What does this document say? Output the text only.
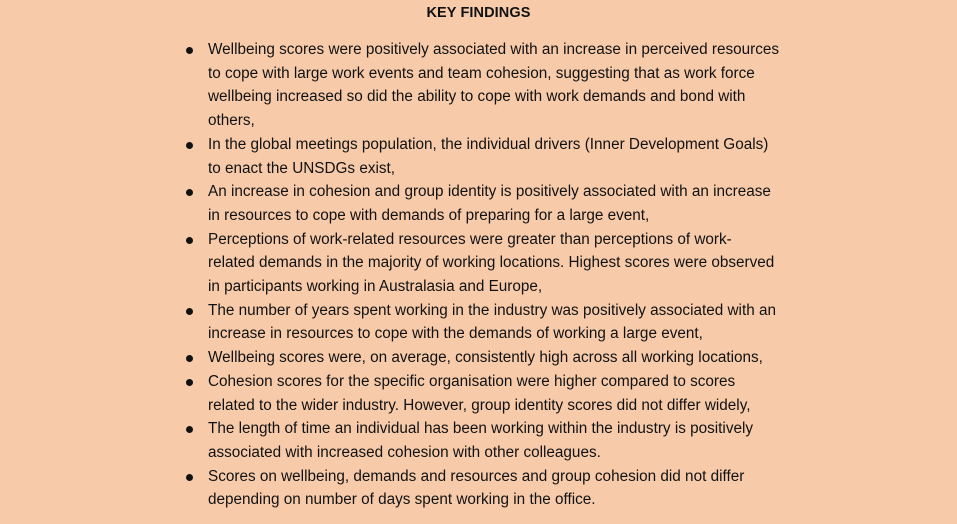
KEY FINDINGS
Wellbeing scores were positively associated with an increase in perceived resources
to cope with large work events and team cohesion, suggesting that as work force
wellbeing increased so did the ability to cope with work demands and bond with
others,
In the global meetings population, the individual drivers (Inner Development Goals)
to enact the UNSDGs exist,
An increase in cohesion and group identity is positively associated with an increase
in resources to cope with demands of preparing for a large event,
Perceptions of work-related resources were greater than perceptions of work-
related demands in the majority of working locations. Highest scores were observed
in participants working in Australasia and Europe,
The number of years spent working in the industry was positively associated with an
increase in resources to cope with the demands of working a large event,
Wellbeing scores were, on average, consistently high across all working locations,
Cohesion scores for the specific organisation were higher compared to scores
related to the wider industry. However, group identity scores did not differ widely,
The length of time an individual has been working within the industry is positively
associated with increased cohesion with other colleagues.
Scores on wellbeing, demands and resources and group cohesion did not differ
depending on number of days spent working in the office.
